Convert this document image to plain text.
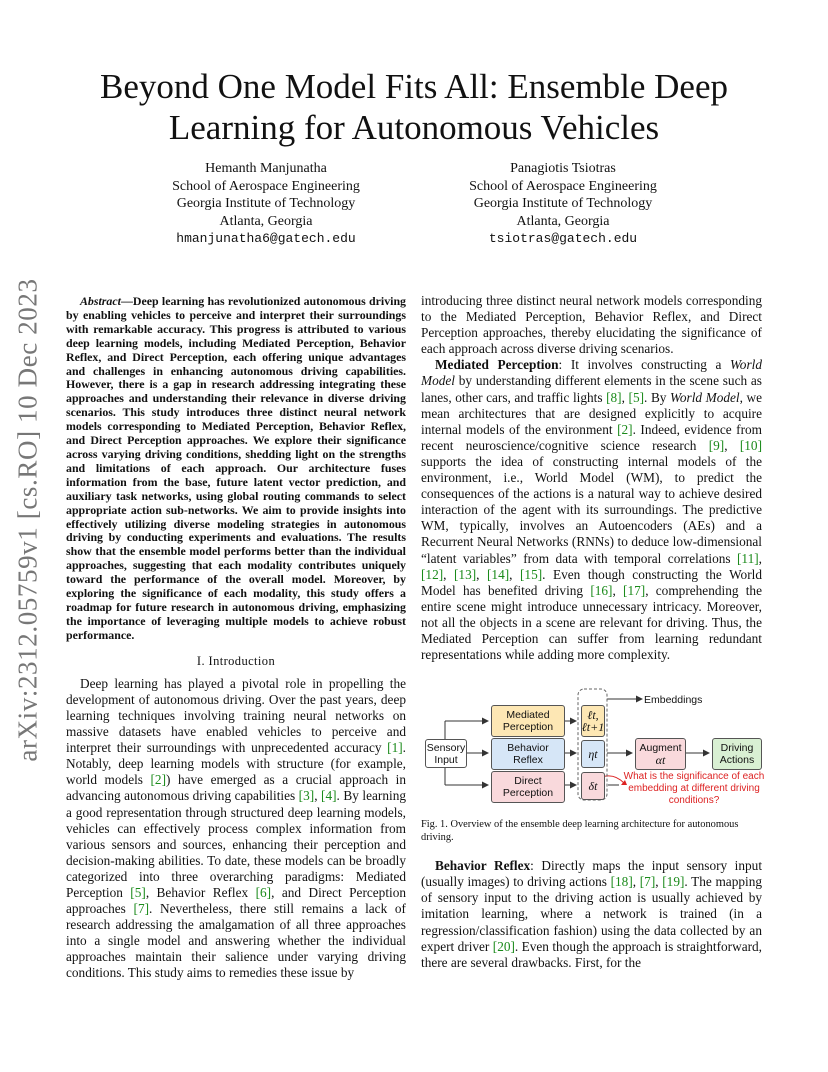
arXiv:2312.05759v1 [cs.RO] 10 Dec 2023
Beyond One Model Fits All: Ensemble Deep
Learning for Autonomous Vehicles
Hemanth Manjunatha
School of Aerospace Engineering
Georgia Institute of Technology
Atlanta, Georgia
hmanjunatha6@gatech.edu
Panagiotis Tsiotras
School of Aerospace Engineering
Georgia Institute of Technology
Atlanta, Georgia
tsiotras@gatech.edu

Abstract—Deep learning has revolutionized autonomous driving by enabling vehicles to perceive and interpret their surroundings with remarkable accuracy. This progress is attributed to various deep learning models, including Mediated Perception, Behavior Reflex, and Direct Perception, each offering unique advantages and challenges in enhancing autonomous driving capabilities. However, there is a gap in research addressing integrating these approaches and understanding their relevance in diverse driving scenarios. This study introduces three distinct neural network models corresponding to Mediated Perception, Behavior Reflex, and Direct Perception approaches. We explore their significance across varying driving conditions, shedding light on the strengths and limitations of each approach. Our architecture fuses information from the base, future latent vector prediction, and auxiliary task networks, using global routing commands to select appropriate action sub-networks. We aim to provide insights into effectively utilizing diverse modeling strategies in autonomous driving by conducting experiments and evaluations. The results show that the ensemble model performs better than the individual approaches, suggesting that each modality contributes uniquely toward the performance of the overall model. Moreover, by exploring the significance of each modality, this study offers a roadmap for future research in autonomous driving, emphasizing the importance of leveraging multiple models to achieve robust performance.

I. Introduction

Deep learning has played a pivotal role in propelling the development of autonomous driving. Over the past years, deep learning techniques involving training neural networks on massive datasets have enabled vehicles to perceive and interpret their surroundings with unprecedented accuracy [1]. Notably, deep learning models with structure (for example, world models [2]) have emerged as a crucial approach in advancing autonomous driving capabilities [3], [4]. By learning a good representation through structured deep learning models, vehicles can effectively process complex information from various sensors and sources, enhancing their perception and decision-making abilities. To date, these models can be broadly categorized into three overarching paradigms: Mediated Perception [5], Behavior Reflex [6], and Direct Perception approaches [7]. Nevertheless, there still remains a lack of research addressing the amalgamation of all three approaches into a single model and answering whether the individual approaches maintain their salience under varying driving conditions. This study aims to remedies these issue by

introducing three distinct neural network models corresponding to the Mediated Perception, Behavior Reflex, and Direct Perception approaches, thereby elucidating the significance of each approach across diverse driving scenarios.

Mediated Perception: It involves constructing a World Model by understanding different elements in the scene such as lanes, other cars, and traffic lights [8], [5]. By World Model, we mean architectures that are designed explicitly to acquire internal models of the environment [2]. Indeed, evidence from recent neuroscience/cognitive science research [9], [10] supports the idea of constructing internal models of the environment, i.e., World Model (WM), to predict the consequences of the actions is a natural way to achieve desired interaction of the agent with its surroundings. The predictive WM, typically, involves an Autoencoders (AEs) and a Recurrent Neural Networks (RNNs) to deduce low-dimensional “latent variables” from data with temporal correlations [11], [12], [13], [14], [15]. Even though constructing the World Model has benefited driving [16], [17], comprehending the entire scene might introduce unnecessary intricacy. Moreover, not all the objects in a scene are relevant for driving. Thus, the Mediated Perception can suffer from learning redundant representations while adding more complexity.

Sensory Input
Mediated Perception
Behavior Reflex
Direct Perception
ℓt, ℓt+1
ηt
δt
Embeddings
Augment
αt
Driving Actions
What is the significance of each embedding at different driving conditions?
Fig. 1. Overview of the ensemble deep learning architecture for autonomous driving.

Behavior Reflex: Directly maps the input sensory input (usually images) to driving actions [18], [7], [19]. The mapping of sensory input to the driving action is usually achieved by imitation learning, where a network is trained (in a regression/classification fashion) using the data collected by an expert driver [20]. Even though the approach is straightforward, there are several drawbacks. First, for the
